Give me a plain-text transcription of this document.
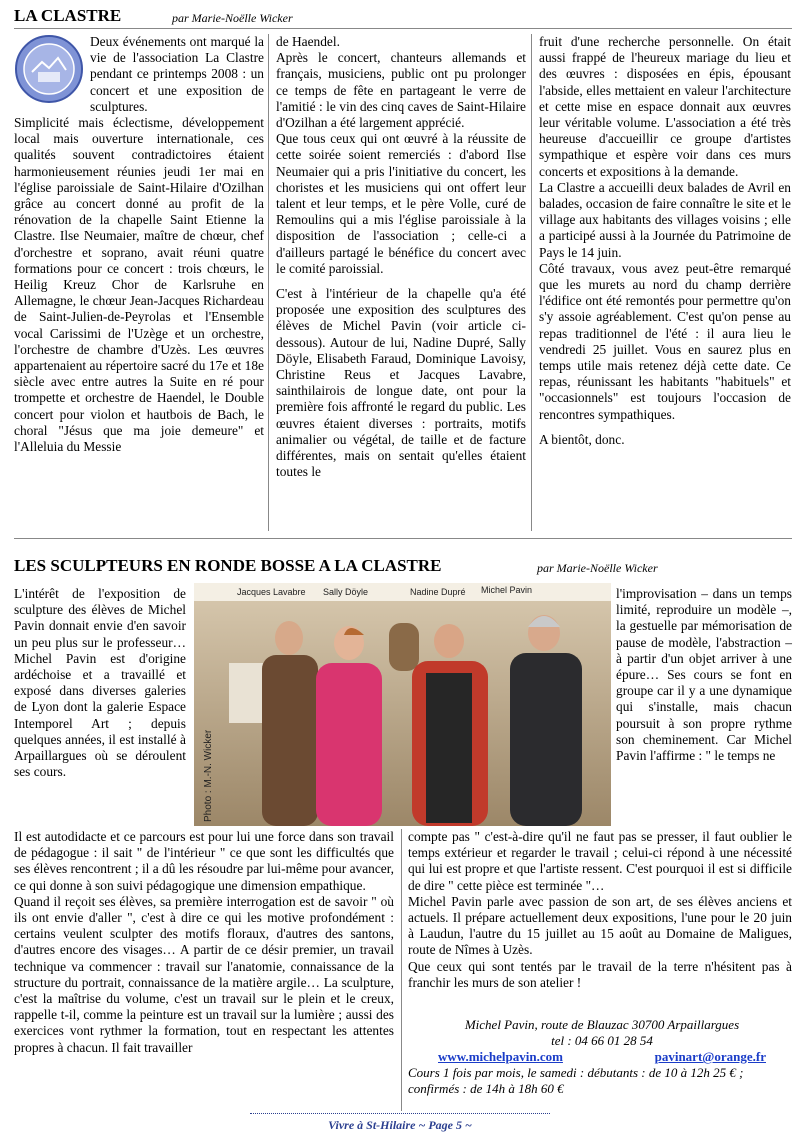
LA CLASTRE	par Marie-Noëlle Wicker

Deux événements ont marqué la vie de l'association La Clastre pendant ce printemps 2008 : un concert et une exposition de sculptures.

Simplicité mais éclectisme, développement local mais ouverture internationale, ces qualités souvent contradictoires étaient harmonieusement réunies jeudi 1er mai en l'église paroissiale de Saint-Hilaire d'Ozilhan grâce au concert donné au profit de la rénovation de la chapelle Saint Etienne la Clastre. Ilse Neumaier, maître de chœur, chef d'orchestre et soprano, avait réuni quatre formations pour ce concert : trois chœurs, le Heilig Kreuz Chor de Karlsruhe en Allemagne, le chœur Jean-Jacques Richardeau de Saint-Julien-de-Peyrolas et l'Ensemble vocal Carissimi de l'Uzège et un orchestre, l'orchestre de chambre d'Uzès. Les œuvres appartenaient au répertoire sacré du 17e et 18e siècle avec entre autres la Suite en ré pour trompette et orchestre de Haendel, le Double concert pour violon et hautbois de Bach, le choral "Jésus que ma joie demeure" et l'Alleluia du Messie

de Haendel.

Après le concert, chanteurs allemands et français, musiciens, public ont pu prolonger ce temps de fête en partageant le verre de l'amitié : le vin des cinq caves de Saint-Hilaire d'Ozilhan a été largement apprécié.

Que tous ceux qui ont œuvré à la réussite de cette soirée soient remerciés : d'abord Ilse Neumaier qui a pris l'initiative du concert, les choristes et les musiciens qui ont offert leur talent et leur temps, et le père Volle, curé de Remoulins qui a mis l'église paroissiale à la disposition de l'association ; celle-ci a d'ailleurs partagé le bénéfice du concert avec le comité paroissial.

C'est à l'intérieur de la chapelle qu'a été proposée une exposition des sculptures des élèves de Michel Pavin (voir article ci-dessous). Autour de lui, Nadine Dupré, Sally Döyle, Elisabeth Faraud, Dominique Lavoisy, Christine Reus et Jacques Lavabre, sainthilairois de longue date, ont pour la première fois affronté le regard du public. Les œuvres étaient diverses : portraits, motifs animalier ou végétal, de taille et de facture différentes, mais on sentait qu'elles étaient toutes le

fruit d'une recherche personnelle. On était aussi frappé de l'heureux mariage du lieu et des œuvres : disposées en épis, épousant l'abside, elles mettaient en valeur l'architecture et cette mise en espace donnait aux œuvres leur véritable volume. L'association a été très heureuse d'accueillir ce groupe d'artistes sympathique et espère voir dans ces murs concerts et expositions à la demande.

La Clastre a accueilli deux balades de Avril en balades, occasion de faire connaître le site et le village aux habitants des villages voisins ; elle a participé aussi à la Journée du Patrimoine de Pays le 14 juin.

Côté travaux, vous avez peut-être remarqué que les murets au nord du champ derrière l'édifice ont été remontés pour permettre qu'on s'y assoie agréablement. C'est qu'on pense au repas traditionnel de l'été : il aura lieu le vendredi 25 juillet. Vous en saurez plus en temps utile mais retenez déjà cette date. Ce repas, réunissant les habitants "habituels" et "occasionnels" est toujours l'occasion de rencontres sympathiques.

A bientôt, donc.

LES SCULPTEURS EN RONDE BOSSE A LA CLASTRE	par Marie-Noëlle Wicker

L'intérêt de l'exposition de sculpture des élèves de Michel Pavin donnait envie d'en savoir un peu plus sur le professeur… Michel Pavin est d'origine ardéchoise et a travaillé et exposé dans diverses galeries de Lyon dont la galerie Espace Intemporel Art ; depuis quelques années, il est installé à Arpaillargues où se déroulent ses cours.

Jacques Lavabre Sally Döyle	Nadine Dupré Michel Pavin
Photo : M.-N. Wicker

l'improvisation – dans un temps limité, reproduire un modèle –, la gestuelle par mémorisation de pause de modèle, l'abstraction – à partir d'un objet arriver à une épure… Ses cours se font en groupe car il y a une dynamique qui s'installe, mais chacun poursuit à son propre rythme son cheminement. Car Michel Pavin l'affirme : " le temps ne

Il est autodidacte et ce parcours est pour lui une force dans son travail de pédagogue : il sait " de l'intérieur " ce que sont les difficultés que ses élèves rencontrent ; il a dû les résoudre par lui-même pour avancer, ce qui donne à son suivi pédagogique une dimension empathique.

Quand il reçoit ses élèves, sa première interrogation est de savoir " où ils ont envie d'aller ", c'est à dire ce qui les motive profondément : certains veulent sculpter des motifs floraux, d'autres des santons, d'autres encore des visages… A partir de ce désir premier, un travail technique va commencer : travail sur l'anatomie, connaissance de la structure du portrait, connaissance de la matière argile… La sculpture, c'est la maîtrise du volume, c'est un travail sur le plein et le creux, rappelle t-il, comme la peinture est un travail sur la lumière ; aussi des exercices vont rythmer la formation, tout en respectant les attentes propres à chacun. Il fait travailler

compte pas " c'est-à-dire qu'il ne faut pas se presser, il faut oublier le temps extérieur et regarder le travail ; celui-ci répond à une nécessité qui lui est propre et que l'artiste ressent. C'est pourquoi il est si difficile de dire " cette pièce est terminée "…

Michel Pavin parle avec passion de son art, de ses élèves anciens et actuels. Il prépare actuellement deux expositions, l'une pour le 20 juin à Laudun, l'autre du 15 juillet au 15 août au Domaine de Maligues, route de Nîmes à Uzès.

Que ceux qui sont tentés par le travail de la terre n'hésitent pas à franchir les murs de son atelier !

Michel Pavin, route de Blauzac 30700 Arpaillargues
tel : 04 66 01 28 54
www.michelpavin.com	pavinart@orange.fr
Cours 1 fois par mois, le samedi : débutants : de 10 à 12h 25 € ;
confirmés : de 14h à 18h 60 €
Vivre à St-Hilaire ~ Page 5 ~
